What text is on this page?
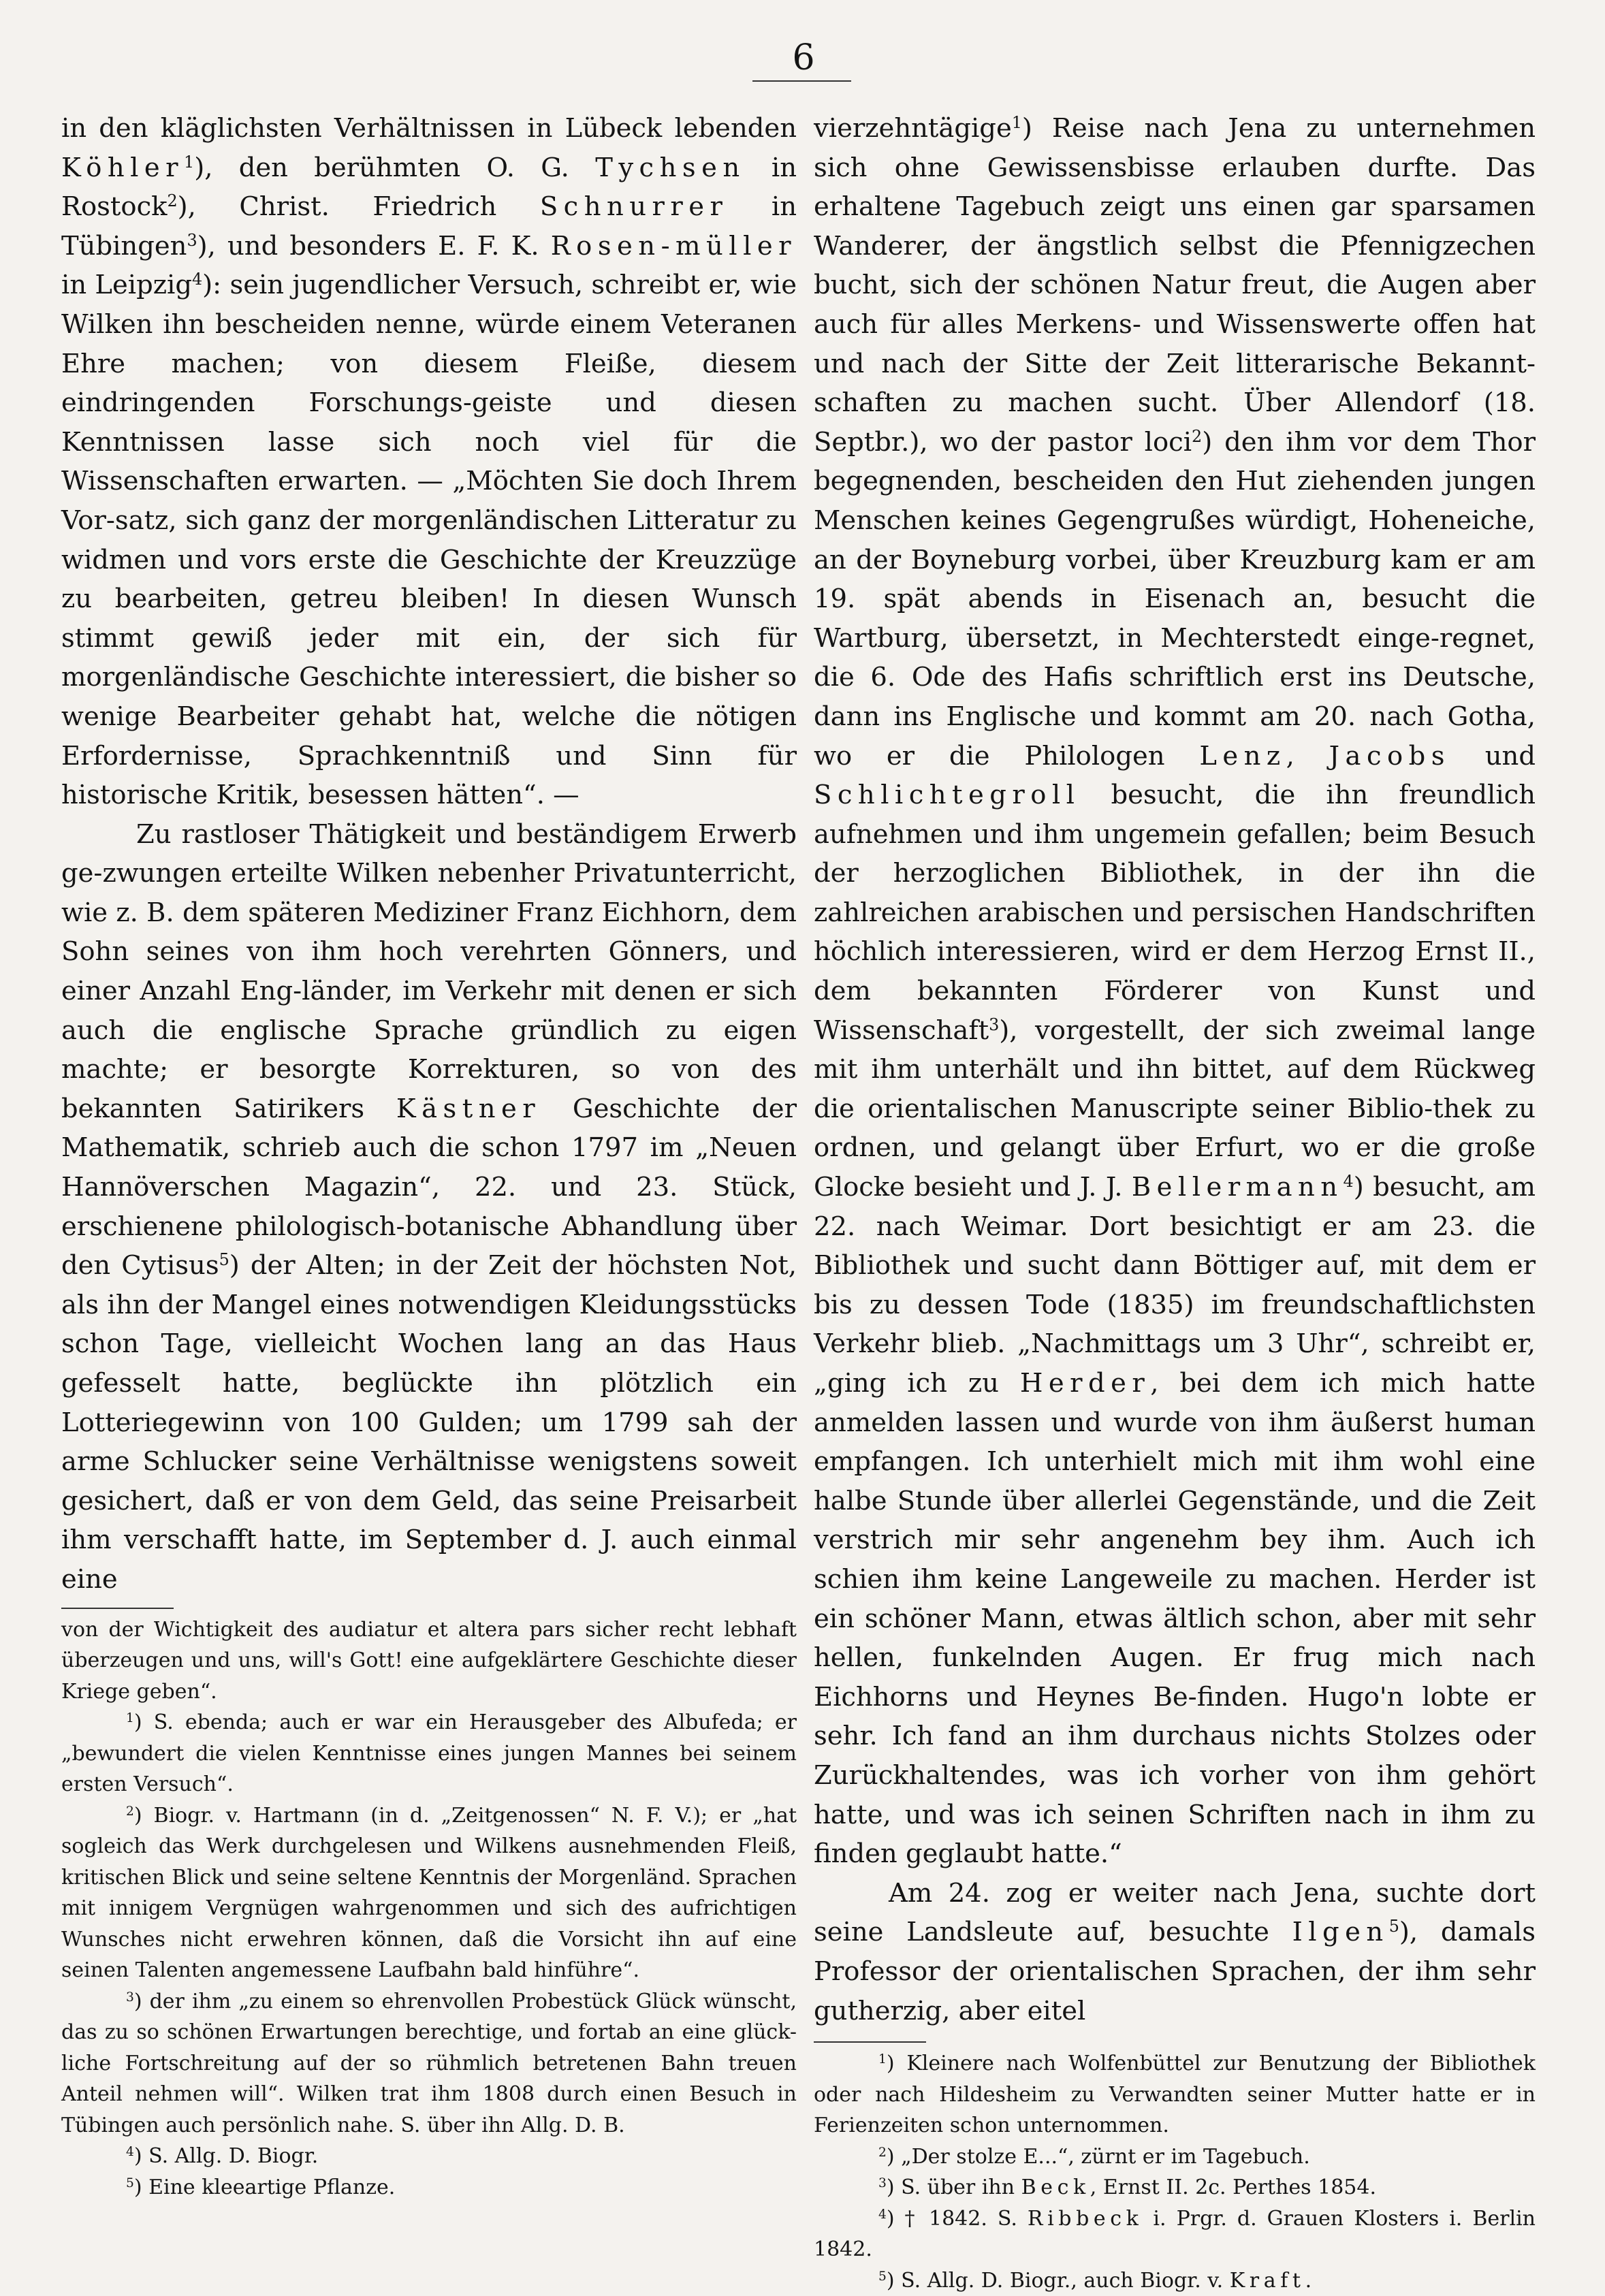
6

in den kläglichsten Verhältnissen in Lübeck lebenden Köhler$^1$), den berühmten O. G. Tychsen in Rostock$^2$), Christ. Friedrich Schnurrer in Tübingen$^3$), und besonders E. F. K. Rosen-müller in Leipzig$^4$): sein jugendlicher Versuch, schreibt er, wie Wilken ihn bescheiden nenne, würde einem Veteranen Ehre machen; von diesem Fleiße, diesem eindringenden Forschungs-geiste und diesen Kenntnissen lasse sich noch viel für die Wissenschaften erwarten. — „Möchten Sie doch Ihrem Vor-satz, sich ganz der morgenländischen Litteratur zu widmen und vors erste die Geschichte der Kreuzzüge zu bearbeiten, getreu bleiben! In diesen Wunsch stimmt gewiß jeder mit ein, der sich für morgenländische Geschichte interessiert, die bisher so wenige Bearbeiter gehabt hat, welche die nötigen Erfordernisse, Sprachkenntniß und Sinn für historische Kritik, besessen hätten“. —

Zu rastloser Thätigkeit und beständigem Erwerb ge-zwungen erteilte Wilken nebenher Privatunterricht, wie z. B. dem späteren Mediziner Franz Eichhorn, dem Sohn seines von ihm hoch verehrten Gönners, und einer Anzahl Eng-länder, im Verkehr mit denen er sich auch die englische Sprache gründlich zu eigen machte; er besorgte Korrekturen, so von des bekannten Satirikers Kästner Geschichte der Mathematik, schrieb auch die schon 1797 im „Neuen Hannöverschen Magazin“, 22. und 23. Stück, erschienene philologisch-botanische Abhandlung über den Cytisus$^5$) der Alten; in der Zeit der höchsten Not, als ihn der Mangel eines notwendigen Kleidungsstücks schon Tage, vielleicht Wochen lang an das Haus gefesselt hatte, beglückte ihn plötzlich ein Lotteriegewinn von 100 Gulden; um 1799 sah der arme Schlucker seine Verhältnisse wenigstens soweit gesichert, daß er von dem Geld, das seine Preisarbeit ihm verschafft hatte, im September d. J. auch einmal eine

von der Wichtigkeit des audiatur et altera pars sicher recht lebhaft überzeugen und uns, will's Gott! eine aufgeklärtere Geschichte dieser Kriege geben“.

$^1$) S. ebenda; auch er war ein Herausgeber des Albufeda; er „bewundert die vielen Kenntnisse eines jungen Mannes bei seinem ersten Versuch“.

$^2$) Biogr. v. Hartmann (in d. „Zeitgenossen“ N. F. V.); er „hat sogleich das Werk durchgelesen und Wilkens ausnehmenden Fleiß, kritischen Blick und seine seltene Kenntnis der Morgenländ. Sprachen mit innigem Vergnügen wahrgenommen und sich des aufrichtigen Wunsches nicht erwehren können, daß die Vorsicht ihn auf eine seinen Talenten angemessene Laufbahn bald hinführe“.

$^3$) der ihm „zu einem so ehrenvollen Probestück Glück wünscht, das zu so schönen Erwartungen berechtige, und fortab an eine glück-liche Fortschreitung auf der so rühmlich betretenen Bahn treuen Anteil nehmen will“. Wilken trat ihm 1808 durch einen Besuch in Tübingen auch persönlich nahe. S. über ihn Allg. D. B.

$^4$) S. Allg. D. Biogr.

$^5$) Eine kleeartige Pflanze.

vierzehntägige$^1$) Reise nach Jena zu unternehmen sich ohne Gewissensbisse erlauben durfte. Das erhaltene Tagebuch zeigt uns einen gar sparsamen Wanderer, der ängstlich selbst die Pfennigzechen bucht, sich der schönen Natur freut, die Augen aber auch für alles Merkens- und Wissenswerte offen hat und nach der Sitte der Zeit litterarische Bekannt-schaften zu machen sucht. Über Allendorf (18. Septbr.), wo der pastor loci$^2$) den ihm vor dem Thor begegnenden, bescheiden den Hut ziehenden jungen Menschen keines Gegengrußes würdigt, Hoheneiche, an der Boyneburg vorbei, über Kreuzburg kam er am 19. spät abends in Eisenach an, besucht die Wartburg, übersetzt, in Mechterstedt einge-regnet, die 6. Ode des Hafis schriftlich erst ins Deutsche, dann ins Englische und kommt am 20. nach Gotha, wo er die Philologen Lenz, Jacobs und Schlichtegroll besucht, die ihn freundlich aufnehmen und ihm ungemein gefallen; beim Besuch der herzoglichen Bibliothek, in der ihn die zahlreichen arabischen und persischen Handschriften höchlich interessieren, wird er dem Herzog Ernst II., dem bekannten Förderer von Kunst und Wissenschaft$^3$), vorgestellt, der sich zweimal lange mit ihm unterhält und ihn bittet, auf dem Rückweg die orientalischen Manuscripte seiner Biblio-thek zu ordnen, und gelangt über Erfurt, wo er die große Glocke besieht und J. J. Bellermann$^4$) besucht, am 22. nach Weimar. Dort besichtigt er am 23. die Bibliothek und sucht dann Böttiger auf, mit dem er bis zu dessen Tode (1835) im freundschaftlichsten Verkehr blieb. „Nachmittags um 3 Uhr“, schreibt er, „ging ich zu Herder, bei dem ich mich hatte anmelden lassen und wurde von ihm äußerst human empfangen. Ich unterhielt mich mit ihm wohl eine halbe Stunde über allerlei Gegenstände, und die Zeit verstrich mir sehr angenehm bey ihm. Auch ich schien ihm keine Langeweile zu machen. Herder ist ein schöner Mann, etwas ältlich schon, aber mit sehr hellen, funkelnden Augen. Er frug mich nach Eichhorns und Heynes Be-finden. Hugo'n lobte er sehr. Ich fand an ihm durchaus nichts Stolzes oder Zurückhaltendes, was ich vorher von ihm gehört hatte, und was ich seinen Schriften nach in ihm zu finden geglaubt hatte.“

Am 24. zog er weiter nach Jena, suchte dort seine Landsleute auf, besuchte Ilgen$^5$), damals Professor der orientalischen Sprachen, der ihm sehr gutherzig, aber eitel

$^1$) Kleinere nach Wolfenbüttel zur Benutzung der Bibliothek oder nach Hildesheim zu Verwandten seiner Mutter hatte er in Ferienzeiten schon unternommen.

$^2$) „Der stolze E...“, zürnt er im Tagebuch.

$^3$) S. über ihn Beck, Ernst II. 2c. Perthes 1854.

$^4$) † 1842. S. Ribbeck i. Prgr. d. Grauen Klosters i. Berlin 1842.

$^5$) S. Allg. D. Biogr., auch Biogr. v. Kraft.
